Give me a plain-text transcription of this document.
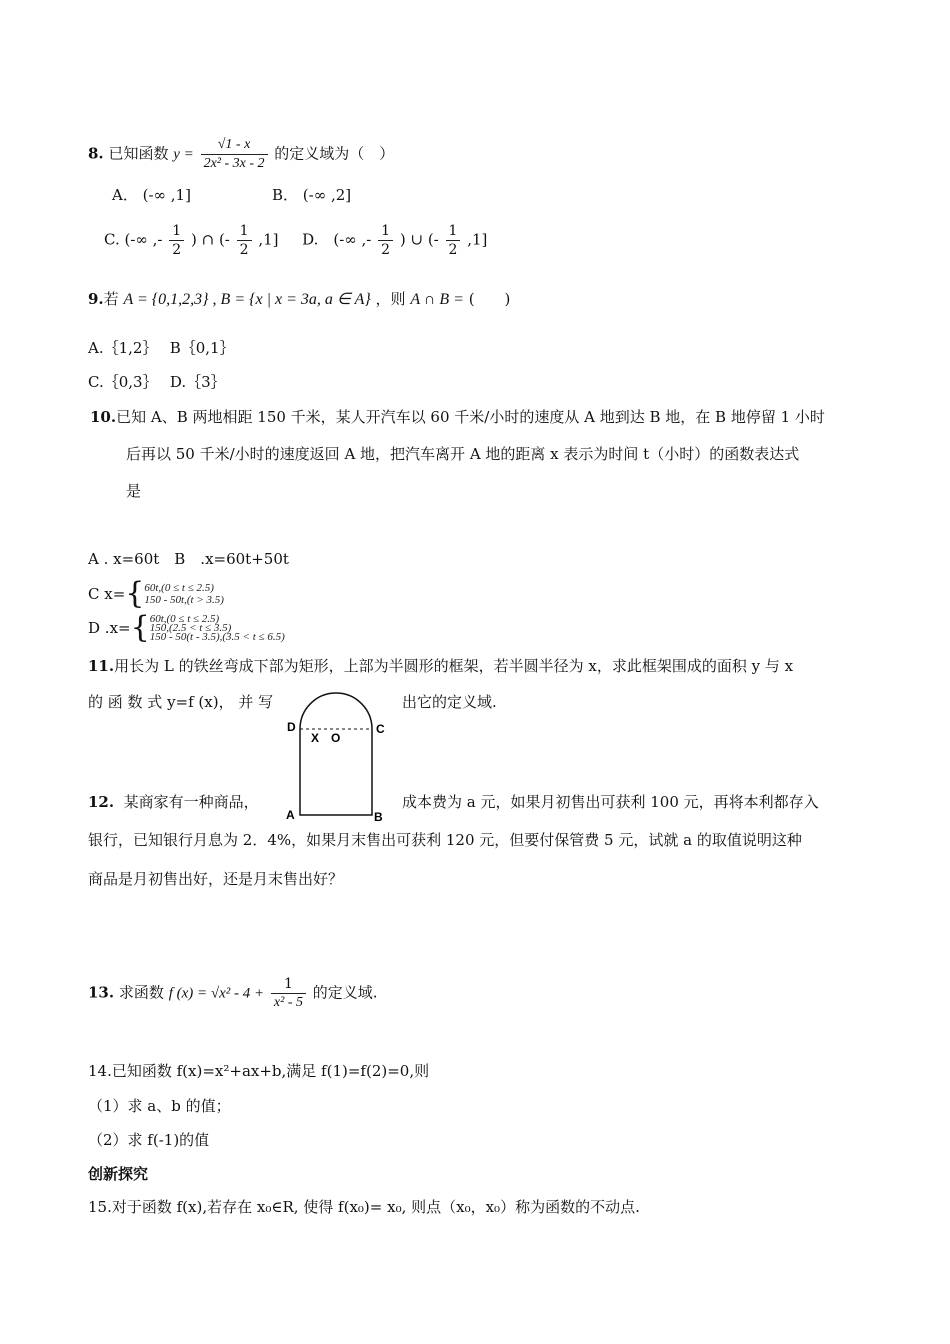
8. 已知函数 $y = \frac{√1 - x}{\text{2x² - 3x - 2}}$ 的定义域为（　）
A． (-∞ ,1]	B． (-∞ ,2]
C. (-∞ ,- $\frac{1}{2}$ ) ∩ (- $\frac{1}{2} ,1$] D.　(-∞ ,- $\frac{1}{2}$ ) ∪ (- $\frac{1}{2} ,1$]
9.若 A = {0,1,2,3} , B = {x | x = 3a, a ∈ A} ，则 A ∩ B = (　　)
A.｛1,2｝　 B｛0,1｝
C.｛0,3｝　 D.｛3｝
10.已知 A、B 两地相距 150 千米，某人开汽车以 60 千米/小时的速度从 A 地到达 B 地，在 B 地停留 1 小时
后再以 50 千米/小时的速度返回 A 地，把汽车离开 A 地的距离 x 表示为时间 t（小时）的函数表达式
是
A . x=60t　B　.x=60t+50t
C x={ 60t,(0 ≤ t ≤ 2.5)
150 - 50t,(t > 3.5)
D .x={ 60t,(0 ≤ t ≤ 2.5)
150,(2.5 < t ≤ 3.5)
150 - 50(t - 3.5),(3.5 < t ≤ 6.5)
11.用长为 L 的铁丝弯成下部为矩形，上部为半圆形的框架，若半圆半径为 x，求此框架围成的面积 y 与 x
的 函 数 式 y=f (x)， 并 写	出它的定义域.
D	C
X O
A	B
12. 某商家有一种商品，	成本费为 a 元，如果月初售出可获利 100 元，再将本利都存入
银行，已知银行月息为 2．4%，如果月末售出可获利 120 元，但要付保管费 5 元，试就 a 的取值说明这种
商品是月初售出好，还是月末售出好？
13. 求函数 f $(x) = √x^2 - 4 + \frac{1}{\text{x² - 5}}$ 的定义域.
14.已知函数 f(x)=x²+ax+b,满足 f(1)=f(2)=0,则
（1）求 a、b 的值；
（2）求 f(-1)的值
创新探究
15.对于函数 f(x),若存在 x₀∈R, 使得 f(x₀)= x₀, 则点（x₀，x₀）称为函数的不动点.
